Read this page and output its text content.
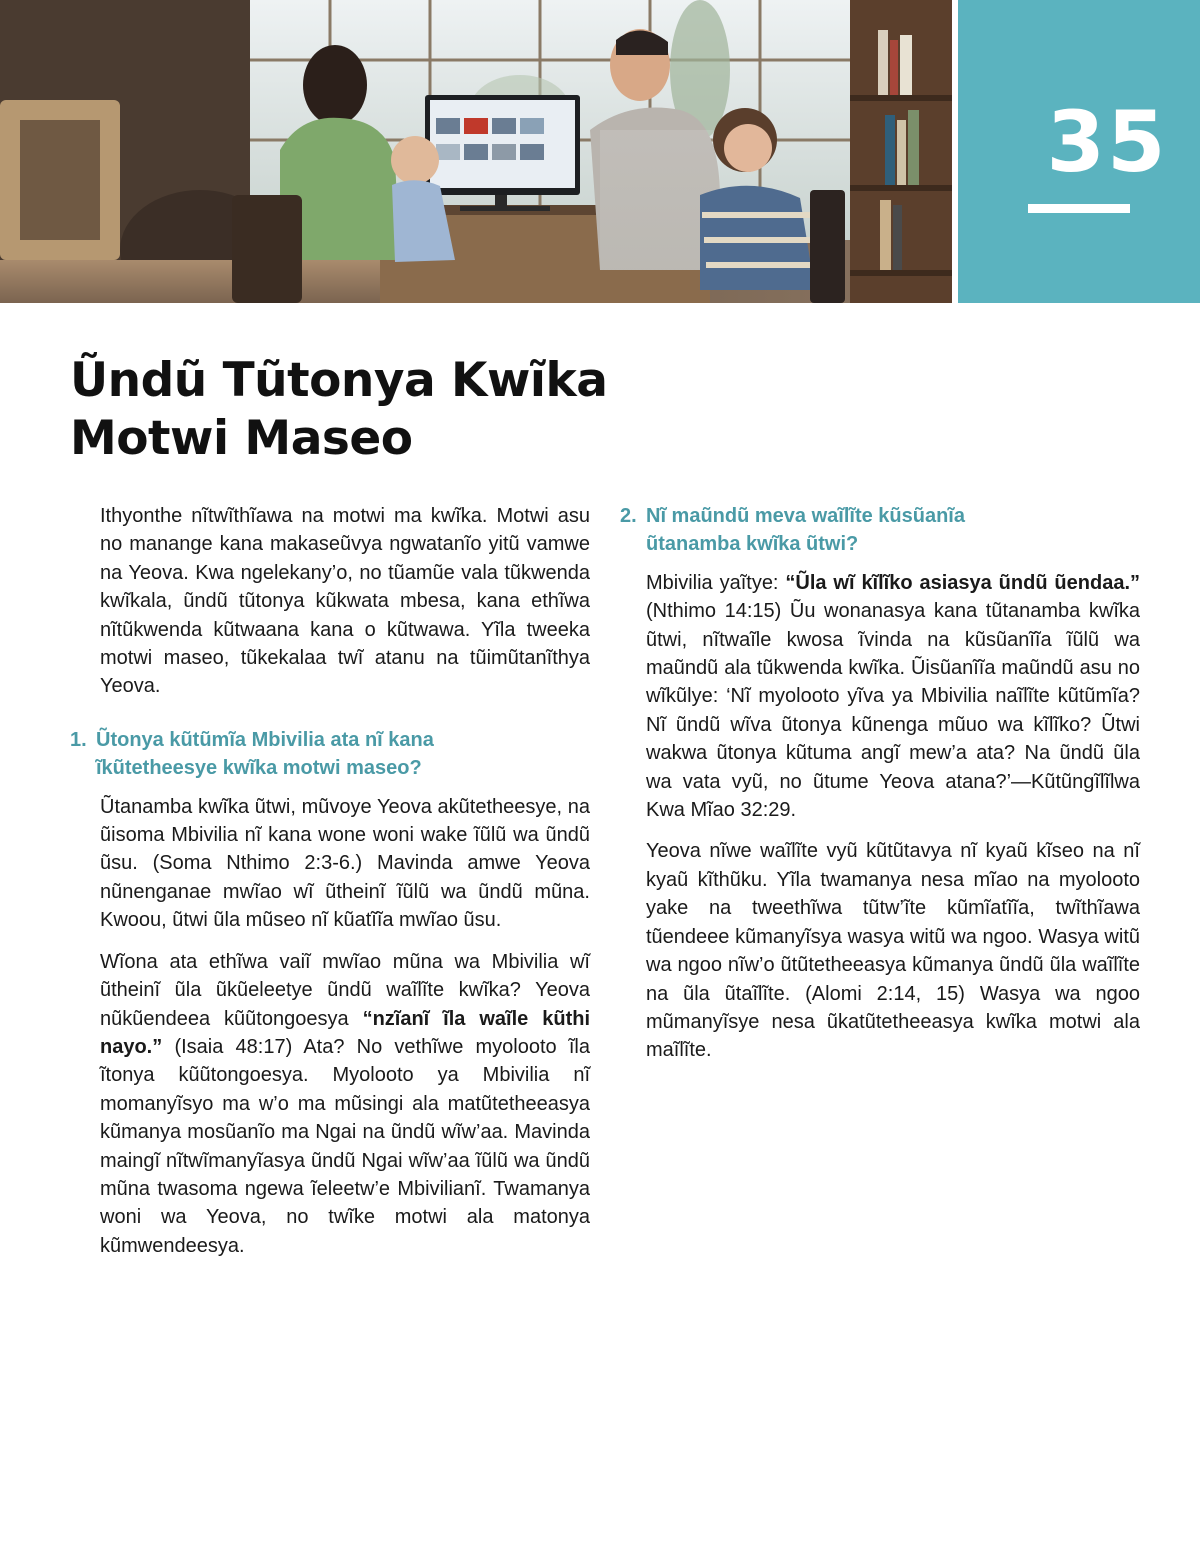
35
Ũndũ Tũtonya Kwĩka
Motwi Maseo

Ithyonthe nĩtwĩthĩawa na motwi ma kwĩka. Motwi asu no manange kana makaseũvya ngwatanĩo yitũ vamwe na Yeova. Kwa ngelekany’o, no tũamũe vala tũkwenda kwĩkala, ũndũ tũtonya kũkwata mbesa, kana ethĩwa nĩtũkwenda kũtwaana kana o kũtwawa. Yĩla tweeka motwi maseo, tũkekalaa twĩ atanu na tũimũtanĩthya Yeova.

1. Ũtonya kũtũmĩa Mbivilia ata nĩ kana
ĩkũtetheesye kwĩka motwi maseo?

Ũtanamba kwĩka ũtwi, mũvoye Yeova akũtetheesye, na ũisoma Mbivilia nĩ kana wone woni wake ĩũlũ wa ũndũ ũsu. (Soma Nthimo 2:3-6.) Mavinda amwe Yeova nũnenganae mwĩao wĩ ũtheinĩ ĩũlũ wa ũndũ mũna. Kwoou, ũtwi ũla mũseo nĩ kũatĩĩa mwĩao ũsu.

Wĩona ata ethĩwa vaiĩ mwĩao mũna wa Mbivilia wĩ ũtheinĩ ũla ũkũeleetye ũndũ waĩlĩte kwĩka? Yeova nũkũendeea kũũtongoesya “nzĩanĩ ĩla waĩle kũthi nayo.” (Isaia 48:17) Ata? No vethĩwe myolooto ĩla ĩtonya kũũtongoesya. Myolooto ya Mbivilia nĩ momanyĩsyo ma w’o ma mũsingi ala matũtetheeasya kũmanya mosũanĩo ma Ngai na ũndũ wĩw’aa. Mavinda maingĩ nĩtwĩmanyĩasya ũndũ Ngai wĩw’aa ĩũlũ wa ũndũ mũna twasoma ngewa ĩeleetw’e Mbivilianĩ. Twamanya woni wa Yeova, no twĩke motwi ala matonya kũmwendeesya.

2. Nĩ maũndũ meva waĩlĩte kũsũanĩa
ũtanamba kwĩka ũtwi?

Mbivilia yaĩtye: “Ũla wĩ kĩlĩko asiasya ũndũ ũendaa.” (Nthimo 14:15) Ũu wonanasya kana tũtanamba kwĩka ũtwi, nĩtwaĩle kwosa ĩvinda na kũsũanĩĩa ĩũlũ wa maũndũ ala tũkwenda kwĩka. Ũisũanĩĩa maũndũ asu no wĩkũlye: ‘Nĩ myolooto yĩva ya Mbivilia naĩlĩte kũtũmĩa? Nĩ ũndũ wĩva ũtonya kũnenga mũuo wa kĩlĩko? Ũtwi wakwa ũtonya kũtuma angĩ mew’a ata? Na ũndũ ũla wa vata vyũ, no ũtume Yeova atana?’—Kũtũngĩlĩlwa Kwa Mĩao 32:29.

Yeova nĩwe waĩlĩte vyũ kũtũtavya nĩ kyaũ kĩseo na nĩ kyaũ kĩthũku. Yĩla twamanya nesa mĩao na myolooto yake na tweethĩwa tũtw’ĩte kũmĩatĩĩa, twĩthĩawa tũendeee kũmanyĩsya wasya witũ wa ngoo. Wasya witũ wa ngoo nĩw’o ũtũtetheeasya kũmanya ũndũ ũla waĩlĩte na ũla ũtaĩlĩte. (Alomi 2:14, 15) Wasya wa ngoo mũmanyĩsye nesa ũkatũtetheeasya kwĩka motwi ala maĩlĩte.
